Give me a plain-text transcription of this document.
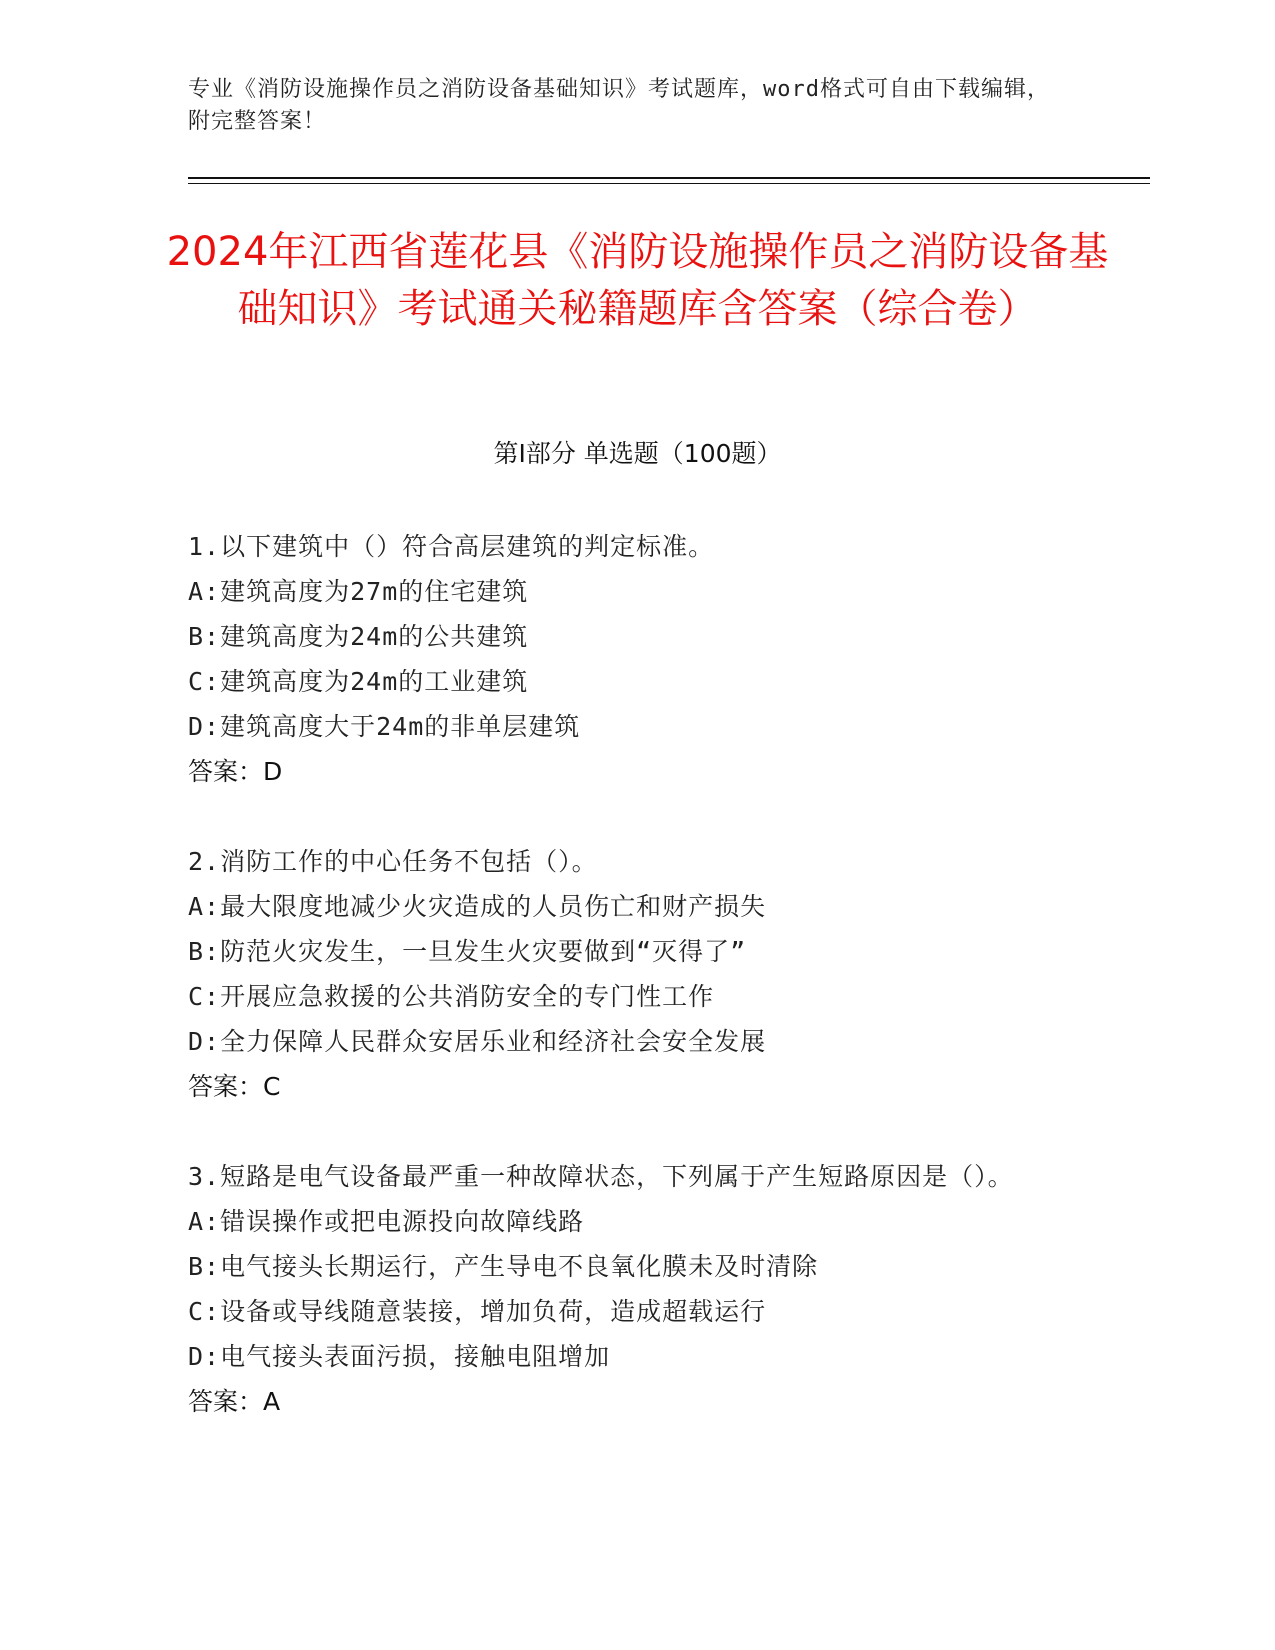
专业《消防设施操作员之消防设备基础知识》考试题库，word格式可自由下载编辑，附完整答案！
2024年江西省莲花县《消防设施操作员之消防设备基础知识》考试通关秘籍题库含答案（综合卷）
第Ⅰ部分 单选题（100题）

1.以下建筑中（）符合高层建筑的判定标准。

A:建筑高度为27m的住宅建筑

B:建筑高度为24m的公共建筑

C:建筑高度为24m的工业建筑

D:建筑高度大于24m的非单层建筑

答案：D

2.消防工作的中心任务不包括（）。

A:最大限度地减少火灾造成的人员伤亡和财产损失

B:防范火灾发生，一旦发生火灾要做到“灭得了”

C:开展应急救援的公共消防安全的专门性工作

D:全力保障人民群众安居乐业和经济社会安全发展

答案：C

3.短路是电气设备最严重一种故障状态，下列属于产生短路原因是（）。

A:错误操作或把电源投向故障线路

B:电气接头长期运行，产生导电不良氧化膜未及时清除

C:设备或导线随意装接，增加负荷，造成超载运行

D:电气接头表面污损，接触电阻增加

答案：A
